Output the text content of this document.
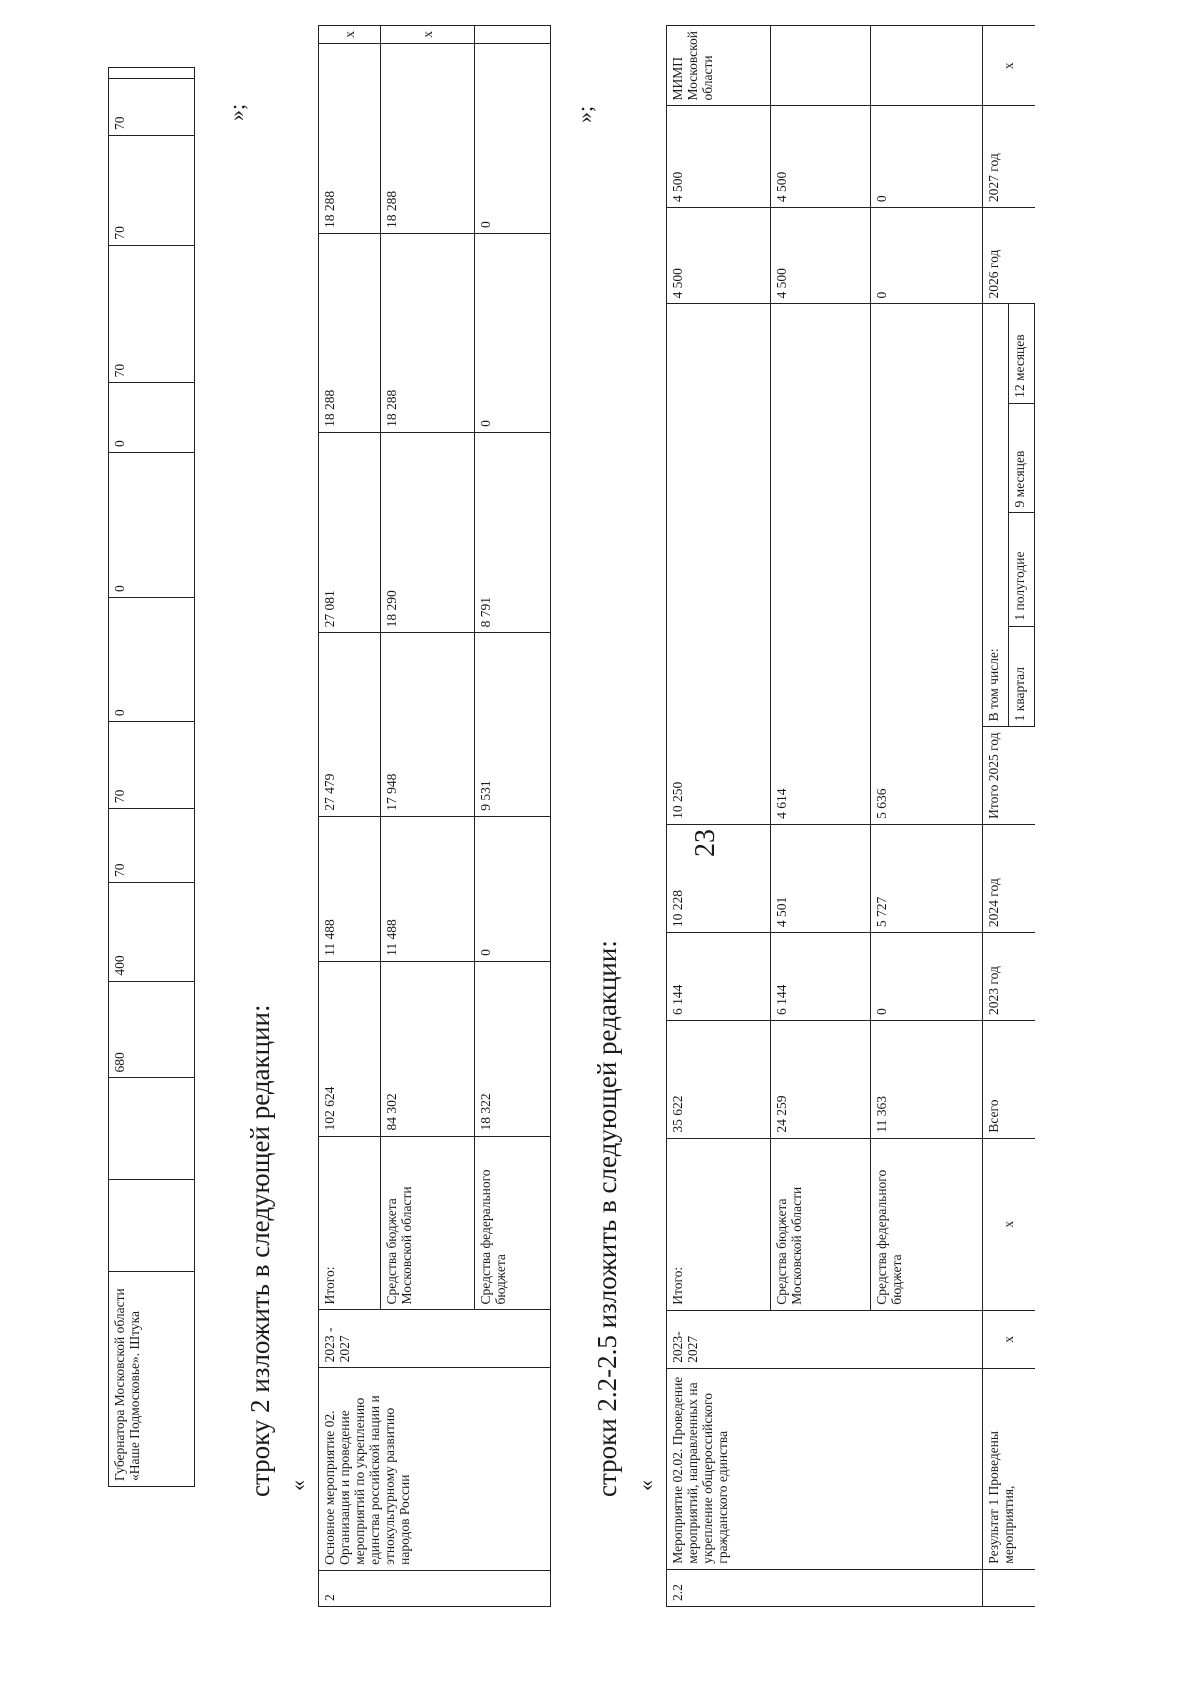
23
Губернатора Московской области «Наше Подмосковье». Штука			680	400	70	70	0	0	0	70	70	70	
»;
строку 2 изложить в следующей редакции: «
2	Основное мероприятие 02. Организация и проведение мероприятий по укреплению единства российской нации и этнокультурному развитию народов России	2023 - 2027	Итого:	102 624	11 488	27 479	27 081	18 288	18 288	х
			Средства бюджета Московской области	84 302	11 488	17 948	18 290	18 288	18 288	х
			Средства федерального бюджета	18 322	0	9 531	8 791	0	0	
»;
строки 2.2-2.5 изложить в следующей редакции: «
2.2	Мероприятие 02.02. Проведение мероприятий, направленных на укрепление общероссийского гражданского единства	2023-2027	Итого:	35 622	6 144	10 228	10 250					4 500	4 500	МИМП Московской области
			Средства бюджета Московской области	24 259	6 144	4 501	4 614					4 500	4 500	
			Средства федерального бюджета	11 363	0	5 727	5 636					0	0	
	Результат 1 Проведены мероприятия,	х	х	Всего	2023 год	2024 год	Итого 2025 год	В том числе:				2026 год	2027 год	х
								1 квартал	1 полугодие	9 месяцев	12 месяцев			
